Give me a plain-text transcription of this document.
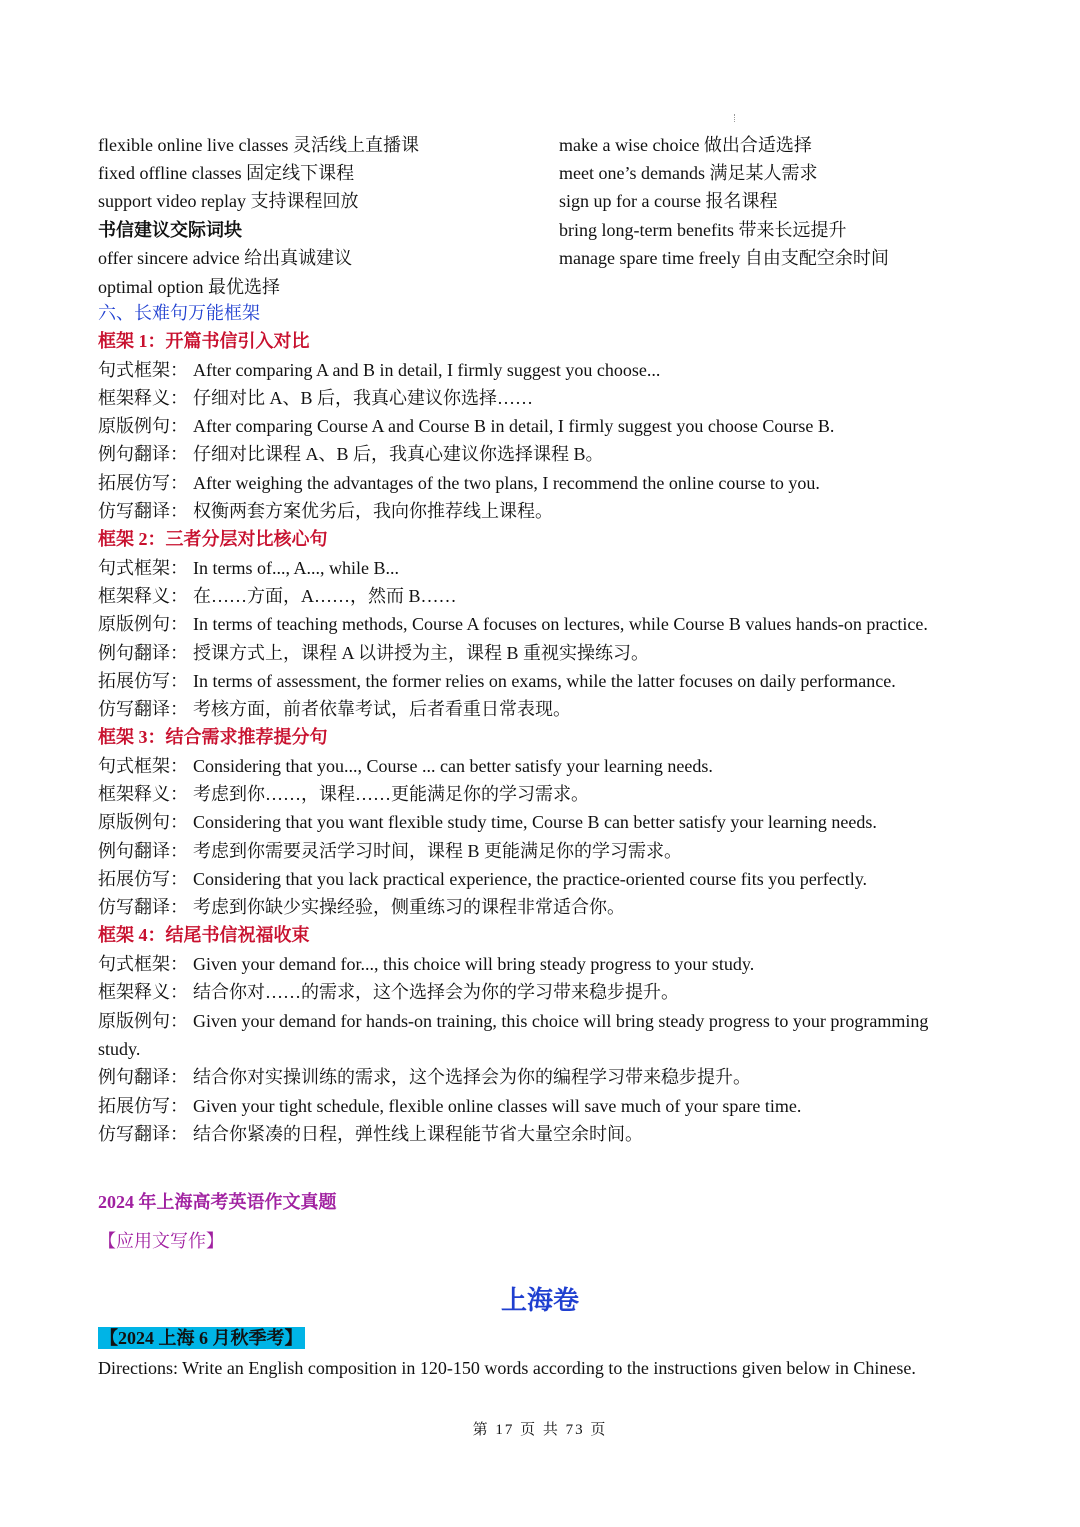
flexible online live classes 灵活线上直播课
fixed offline classes 固定线下课程
support video replay 支持课程回放
书信建议交际词块
offer sincere advice 给出真诚建议
optimal option 最优选择
make a wise choice 做出合适选择
meet one’s demands 满足某人需求
sign up for a course 报名课程
bring long-term benefits 带来长远提升
manage spare time freely 自由支配空余时间
六、长难句万能框架
框架 1：开篇书信引入对比
句式框架： After comparing A and B in detail, I firmly suggest you choose...
框架释义： 仔细对比 A、B 后，我真心建议你选择……
原版例句： After comparing Course A and Course B in detail, I firmly suggest you choose Course B.
例句翻译： 仔细对比课程 A、B 后，我真心建议你选择课程 B。
拓展仿写： After weighing the advantages of the two plans, I recommend the online course to you.
仿写翻译： 权衡两套方案优劣后，我向你推荐线上课程。
框架 2：三者分层对比核心句
句式框架： In terms of..., A..., while B...
框架释义： 在……方面，A……，然而 B……
原版例句： In terms of teaching methods, Course A focuses on lectures, while Course B values hands-on practice.
例句翻译： 授课方式上，课程 A 以讲授为主，课程 B 重视实操练习。
拓展仿写： In terms of assessment, the former relies on exams, while the latter focuses on daily performance.
仿写翻译： 考核方面，前者依靠考试，后者看重日常表现。
框架 3：结合需求推荐提分句
句式框架： Considering that you..., Course ... can better satisfy your learning needs.
框架释义： 考虑到你……，课程……更能满足你的学习需求。
原版例句： Considering that you want flexible study time, Course B can better satisfy your learning needs.
例句翻译： 考虑到你需要灵活学习时间，课程 B 更能满足你的学习需求。
拓展仿写： Considering that you lack practical experience, the practice-oriented course fits you perfectly.
仿写翻译： 考虑到你缺少实操经验，侧重练习的课程非常适合你。
框架 4：结尾书信祝福收束
句式框架： Given your demand for..., this choice will bring steady progress to your study.
框架释义： 结合你对……的需求，这个选择会为你的学习带来稳步提升。
原版例句： Given your demand for hands-on training, this choice will bring steady progress to your programming
study.
例句翻译： 结合你对实操训练的需求，这个选择会为你的编程学习带来稳步提升。
拓展仿写： Given your tight schedule, flexible online classes will save much of your spare time.
仿写翻译： 结合你紧凑的日程，弹性线上课程能节省大量空余时间。
2024 年上海高考英语作文真题
【应用文写作】
上海卷
【2024 上海 6 月秋季考】
Directions: Write an English composition in 120-150 words according to the instructions given below in Chinese.
第 17 页 共 73 页
